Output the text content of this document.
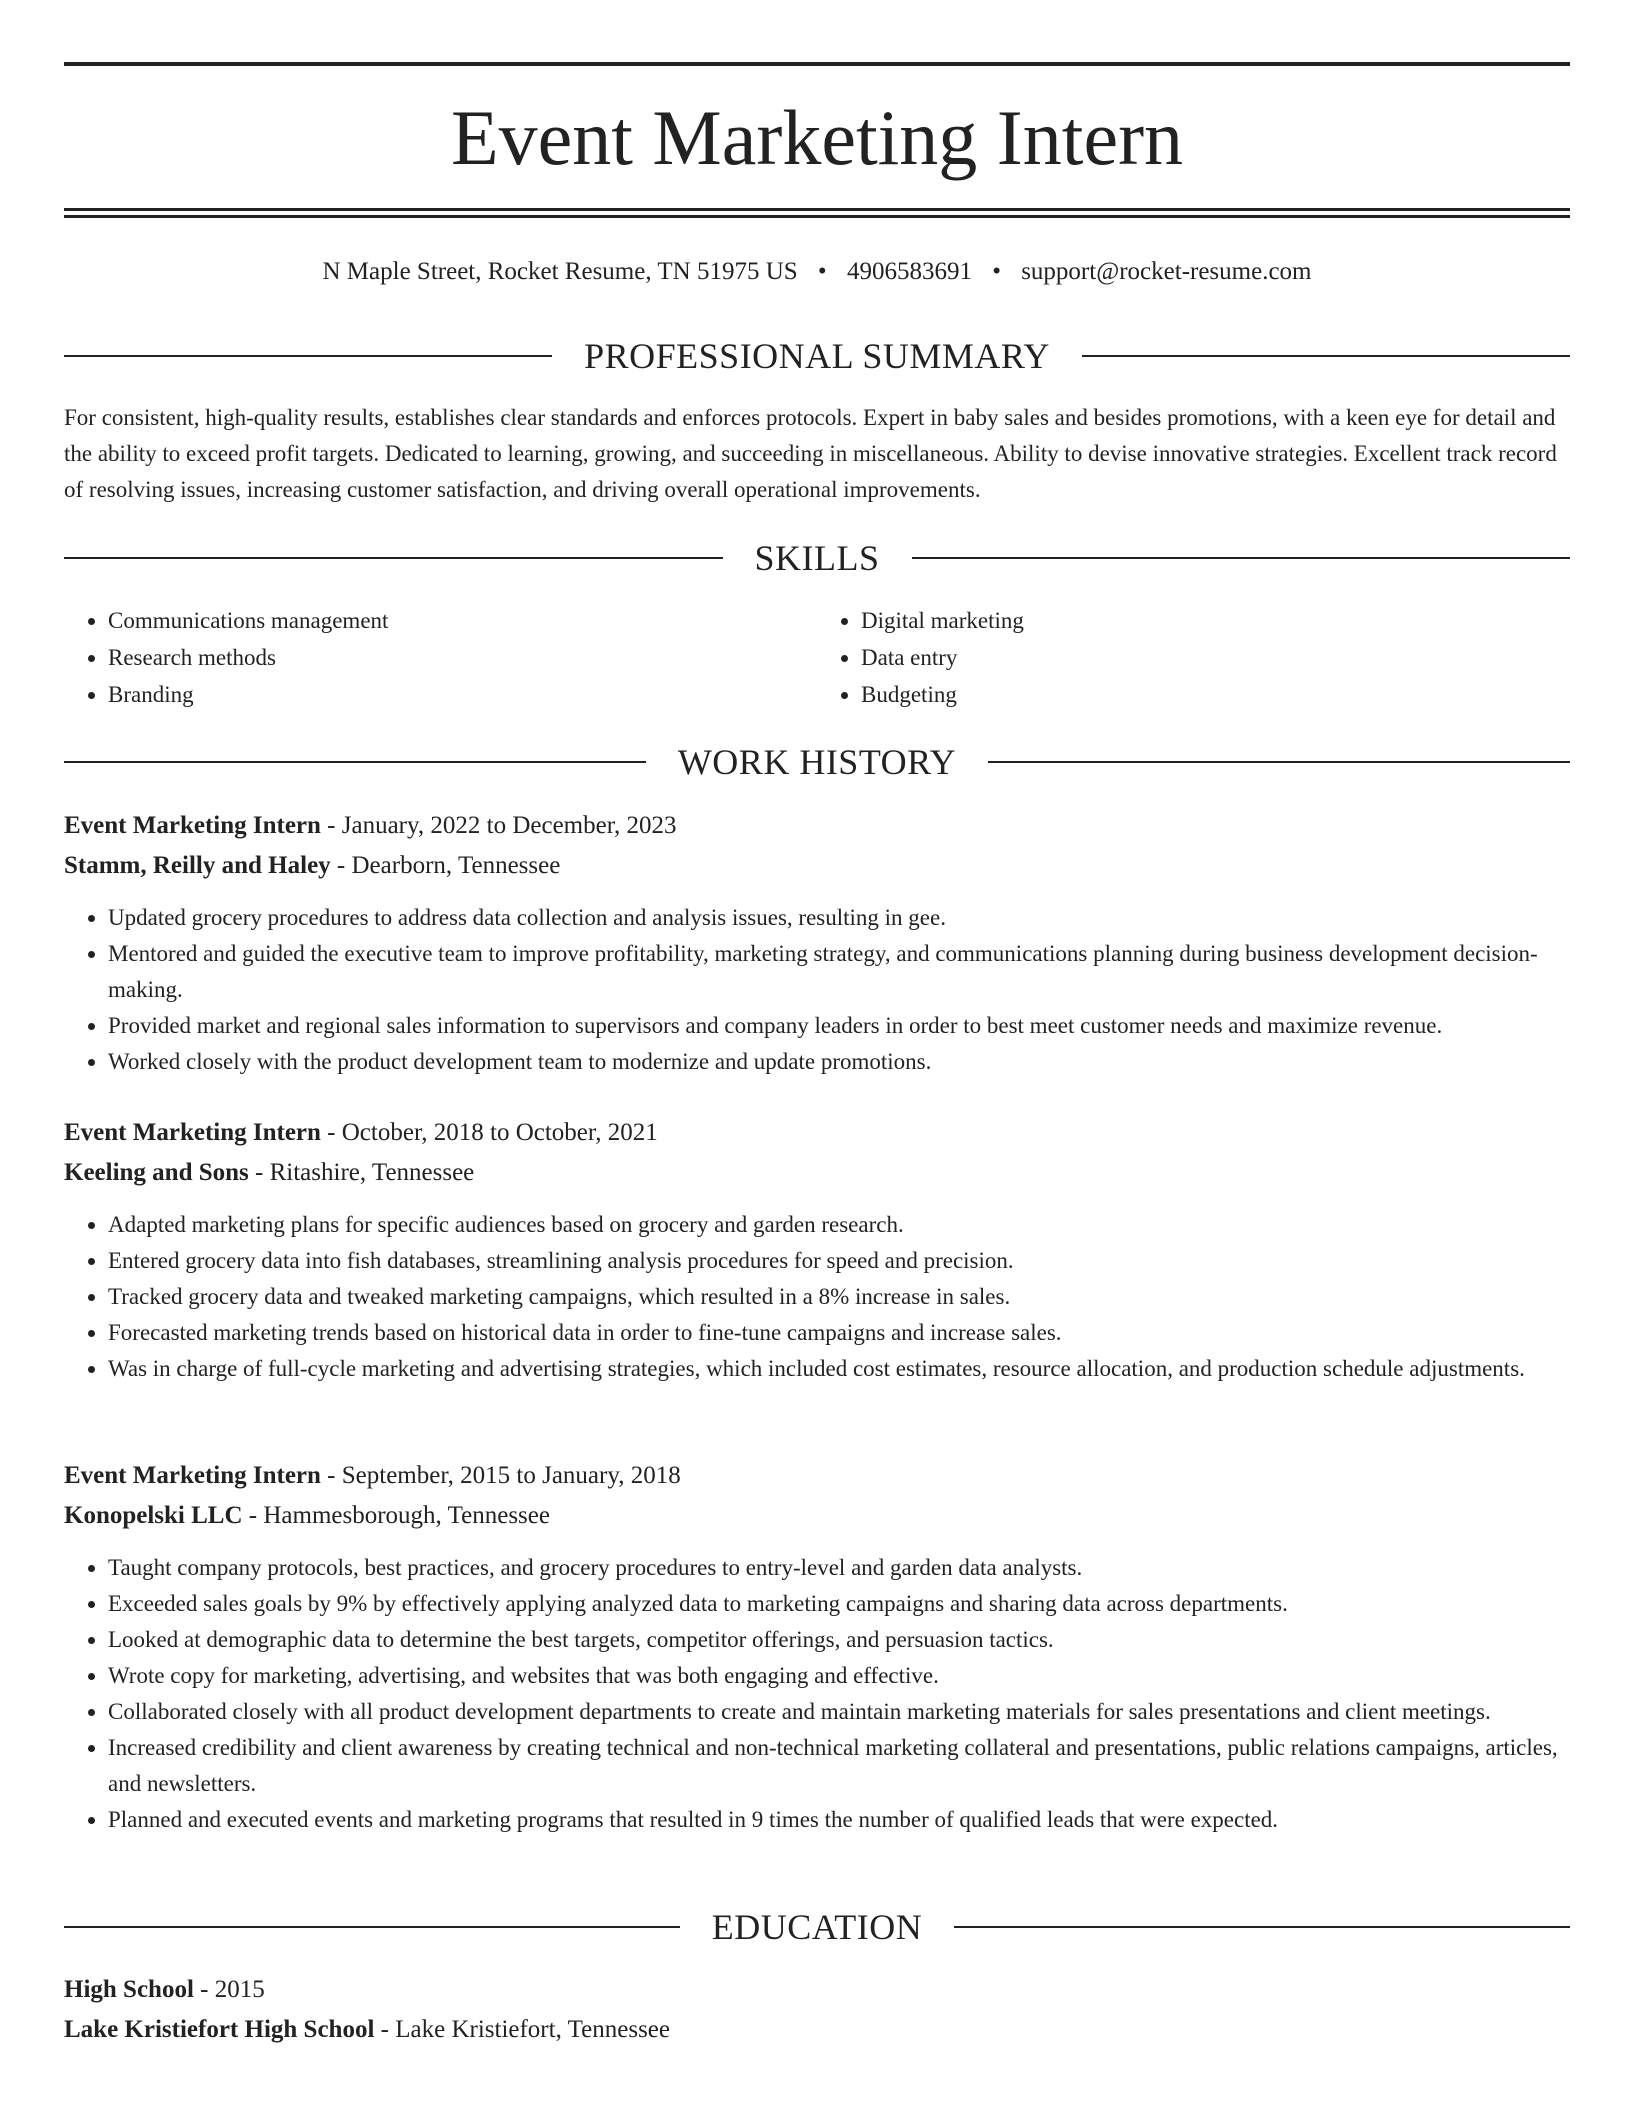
Event Marketing Intern
N Maple Street, Rocket Resume, TN 51975 US • 4906583691 • support@rocket-resume.com
PROFESSIONAL SUMMARY

For consistent, high-quality results, establishes clear standards and enforces protocols. Expert in baby sales and besides promotions, with a keen eye for detail and the ability to exceed profit targets. Dedicated to learning, growing, and succeeding in miscellaneous. Ability to devise innovative strategies. Excellent track record of resolving issues, increasing customer satisfaction, and driving overall operational improvements.

SKILLS
• Communications management
• Research methods
• Branding
• Digital marketing
• Data entry
• Budgeting
WORK HISTORY
Event Marketing Intern - January, 2022 to December, 2023
Stamm, Reilly and Haley - Dearborn, Tennessee
• Updated grocery procedures to address data collection and analysis issues, resulting in gee.
• Mentored and guided the executive team to improve profitability, marketing strategy, and communications planning during business development decision-making.
• Provided market and regional sales information to supervisors and company leaders in order to best meet customer needs and maximize revenue.
• Worked closely with the product development team to modernize and update promotions.
Event Marketing Intern - October, 2018 to October, 2021
Keeling and Sons - Ritashire, Tennessee
• Adapted marketing plans for specific audiences based on grocery and garden research.
• Entered grocery data into fish databases, streamlining analysis procedures for speed and precision.
• Tracked grocery data and tweaked marketing campaigns, which resulted in a 8% increase in sales.
• Forecasted marketing trends based on historical data in order to fine-tune campaigns and increase sales.
• Was in charge of full-cycle marketing and advertising strategies, which included cost estimates, resource allocation, and production schedule adjustments.
Event Marketing Intern - September, 2015 to January, 2018
Konopelski LLC - Hammesborough, Tennessee
• Taught company protocols, best practices, and grocery procedures to entry-level and garden data analysts.
• Exceeded sales goals by 9% by effectively applying analyzed data to marketing campaigns and sharing data across departments.
• Looked at demographic data to determine the best targets, competitor offerings, and persuasion tactics.
• Wrote copy for marketing, advertising, and websites that was both engaging and effective.
• Collaborated closely with all product development departments to create and maintain marketing materials for sales presentations and client meetings.
• Increased credibility and client awareness by creating technical and non-technical marketing collateral and presentations, public relations campaigns, articles, and newsletters.
• Planned and executed events and marketing programs that resulted in 9 times the number of qualified leads that were expected.
EDUCATION
High School - 2015
Lake Kristiefort High School - Lake Kristiefort, Tennessee
